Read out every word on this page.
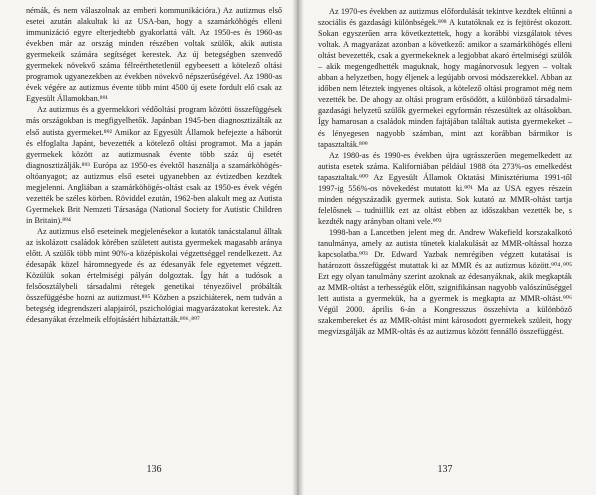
némák, és nem válaszolnak az emberi kommunikációra.) Az autizmus első esetei azután alakultak ki az USA-ban, hogy a szamárköhögés elleni immunizáció egyre elterjedtebb gyakorlattá vált. Az 1950-es és 1960-as években már az ország minden részében voltak szülők, akik autista gyermekeik számára segítséget kerestek. Az új betegségben szenvedő gyermekek növekvő száma félreérthetetlenül egybeesett a kötelező oltási programok ugyanezekben az években növekvő népszerűségével. Az 1980-as évek végére az autizmus évente több mint 4500 új esete fordult elő csak az Egyesült Államokban.⁸⁹¹

Az autizmus és a gyermekkori védőoltási program közötti összefüggések más országokban is megfigyelhetők. Japánban 1945-ben diagnosztizálták az első autista gyermeket.⁸⁹² Amikor az Egyesült Államok befejezte a háborút és elfoglalta Japánt, bevezették a kötelező oltási programot. Ma a japán gyermekek között az autizmusnak évente több száz új esetét diagnosztizálják.⁸⁹³ Európa az 1950-es évektől használja a szamárköhögés-oltóanyagot; az autizmus első esetei ugyanebben az évtizedben kezdtek megjelenni. Angliában a szamárköhögés-oltást csak az 1950-es évek végén vezették be széles körben. Röviddel ezután, 1962-ben alakult meg az Autista Gyermekek Brit Nemzeti Társasága (National Society for Autistic Children in Britain).⁸⁹⁴

Az autizmus első eseteinek megjelenésekor a kutatók tanácstalanul álltak az iskolázott családok körében született autista gyermekek magasabb aránya előtt. A szülők több mint 90%-a középiskolai végzettséggel rendelkezett. Az édesapák közel háromnegyede és az édesanyák fele egyetemet végzett. Közülük sokan értelmiségi pályán dolgoztak. Így hát a tudósok a felsőosztálybeli társadalmi rétegek genetikai tényezőivel próbálták összefüggésbe hozni az autizmust.⁸⁹⁵ Közben a pszichiáterek, nem tudván a betegség idegrendszeri alapjairól, pszichológiai magyarázatokat kerestek. Az édesanyákat érzelmeik elfojtásáért hibáztatták.⁸⁹⁶˒⁸⁹⁷

136

Az 1970-es években az autizmus előfordulását tekintve kezdtek eltűnni a szociális és gazdasági különbségek.⁸⁹⁸ A kutatóknak ez is fejtörést okozott. Sokan egyszerűen arra következtettek, hogy a korábbi vizsgálatok téves voltak. A magyarázat azonban a következő: amikor a szamárköhögés elleni oltást bevezették, csak a gyermekeknek a legjobbat akaró értelmiségi szülők – akik megengedhették maguknak, hogy magánorvosuk legyen – voltak abban a helyzetben, hogy éljenek a legújabb orvosi módszerekkel. Abban az időben nem léteztek ingyenes oltások, a kötelező oltási programot még nem vezették be. De ahogy az oltási program erősödött, a különböző társadalmi-gazdasági helyzetű szülők gyermekei egyformán részesültek az oltásokban. Így hamarosan a családok minden fajtájában találtak autista gyermekeket – és lényegesen nagyobb számban, mint azt korábban bármikor is tapasztalták.⁸⁹⁹

Az 1980-as és 1990-es években újra ugrásszerűen megemelkedett az autista esetek száma. Kaliforniában például 1988 óta 273%-os emelkedést tapasztaltak.⁹⁰⁰ Az Egyesült Államok Oktatási Minisztériuma 1991-től 1997-ig 556%-os növekedést mutatott ki.⁹⁰¹ Ma az USA egyes részein minden négyszázadik gyermek autista. Sok kutató az MMR-oltást tartja felelősnek – tudniillik ezt az oltást ebben az időszakban vezették be, s kezdték nagy arányban oltani vele.⁹⁰²

1998-ban a Lancetben jelent meg dr. Andrew Wakefield korszakalkotó tanulmánya, amely az autista tünetek kialakulását az MMR-oltással hozza kapcsolatba.⁹⁰³ Dr. Edward Yazbak nemrégiben végzett kutatásai is határozott összefüggést mutattak ki az MMR és az autizmus között.⁹⁰⁴˒⁹⁰⁵ Ezt egy olyan tanulmány szerint azoknak az édesanyáknak, akik megkapták az MMR-oltást a terhességük előtt, szignifikánsan nagyobb valószínűséggel lett autista a gyermekük, ha a gyermek is megkapta az MMR-oltást.⁹⁰⁶ Végül 2000. április 6-án a Kongresszus összehívta a különböző szakembereket és az MMR-oltást mint károsodott gyermekek szüleit, hogy megvizsgálják az MMR-oltás és az autizmus között fennálló összefüggést.

137
